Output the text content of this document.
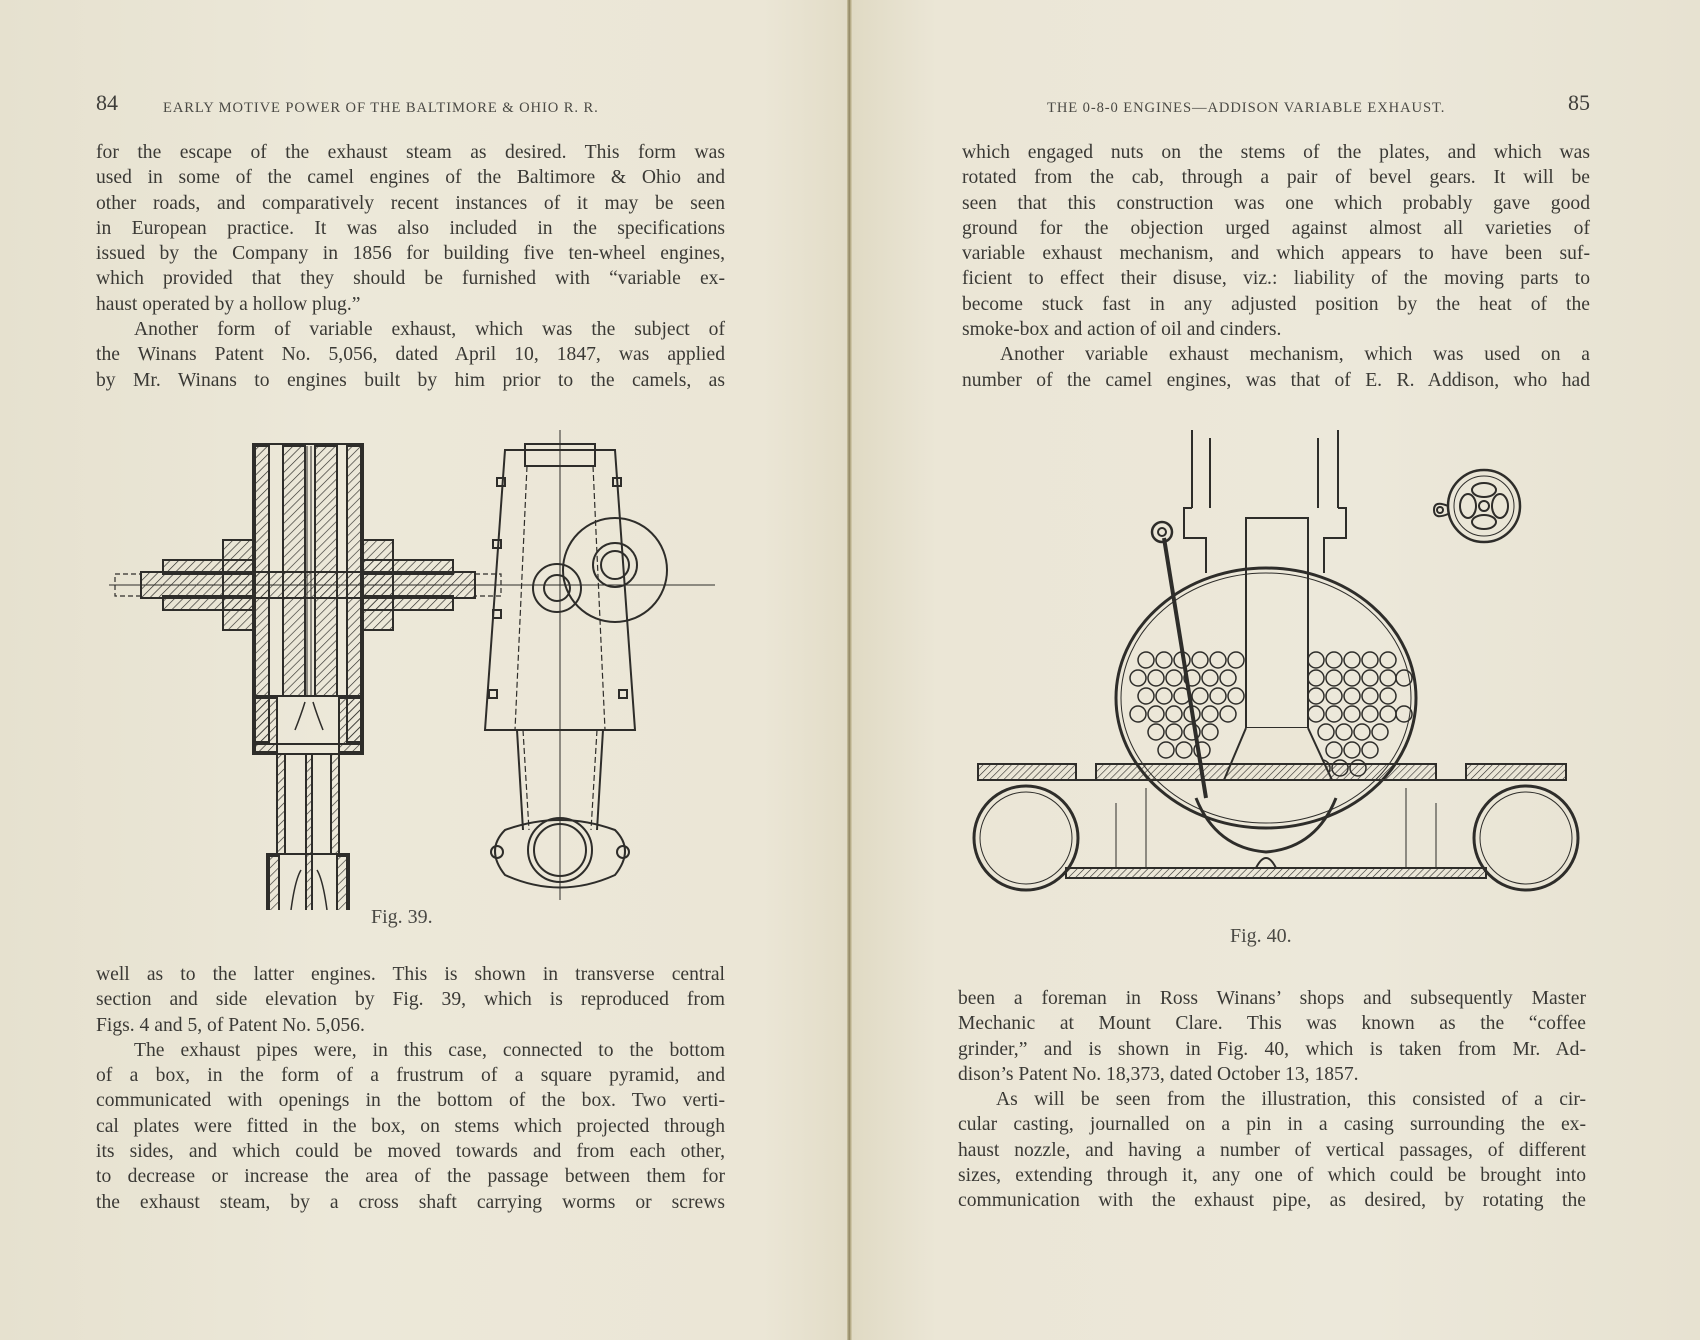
84	EARLY MOTIVE POWER OF THE BALTIMORE & OHIO R. R.
for the escape of the exhaust steam as desired. This form was
used in some of the camel engines of the Baltimore & Ohio and
other roads, and comparatively recent instances of it may be seen
in European practice. It was also included in the specifications
issued by the Company in 1856 for building five ten-wheel engines,
which provided that they should be furnished with “variable ex-
haust operated by a hollow plug.”
Another form of variable exhaust, which was the subject of
the Winans Patent No. 5,056, dated April 10, 1847, was applied
by Mr. Winans to engines built by him prior to the camels, as
Fig. 39.
well as to the latter engines. This is shown in transverse central
section and side elevation by Fig. 39, which is reproduced from
Figs. 4 and 5, of Patent No. 5,056.
The exhaust pipes were, in this case, connected to the bottom
of a box, in the form of a frustrum of a square pyramid, and
communicated with openings in the bottom of the box. Two verti-
cal plates were fitted in the box, on stems which projected through
its sides, and which could be moved towards and from each other,
to decrease or increase the area of the passage between them for
the exhaust steam, by a cross shaft carrying worms or screws
THE 0-8-0 ENGINES—ADDISON VARIABLE EXHAUST.	85
which engaged nuts on the stems of the plates, and which was
rotated from the cab, through a pair of bevel gears. It will be
seen that this construction was one which probably gave good
ground for the objection urged against almost all varieties of
variable exhaust mechanism, and which appears to have been suf-
ficient to effect their disuse, viz.: liability of the moving parts to
become stuck fast in any adjusted position by the heat of the
smoke-box and action of oil and cinders.
Another variable exhaust mechanism, which was used on a
number of the camel engines, was that of E. R. Addison, who had
Fig. 40.
been a foreman in Ross Winans’ shops and subsequently Master
Mechanic at Mount Clare. This was known as the “coffee
grinder,” and is shown in Fig. 40, which is taken from Mr. Ad-
dison’s Patent No. 18,373, dated October 13, 1857.
As will be seen from the illustration, this consisted of a cir-
cular casting, journalled on a pin in a casing surrounding the ex-
haust nozzle, and having a number of vertical passages, of different
sizes, extending through it, any one of which could be brought into
communication with the exhaust pipe, as desired, by rotating the
